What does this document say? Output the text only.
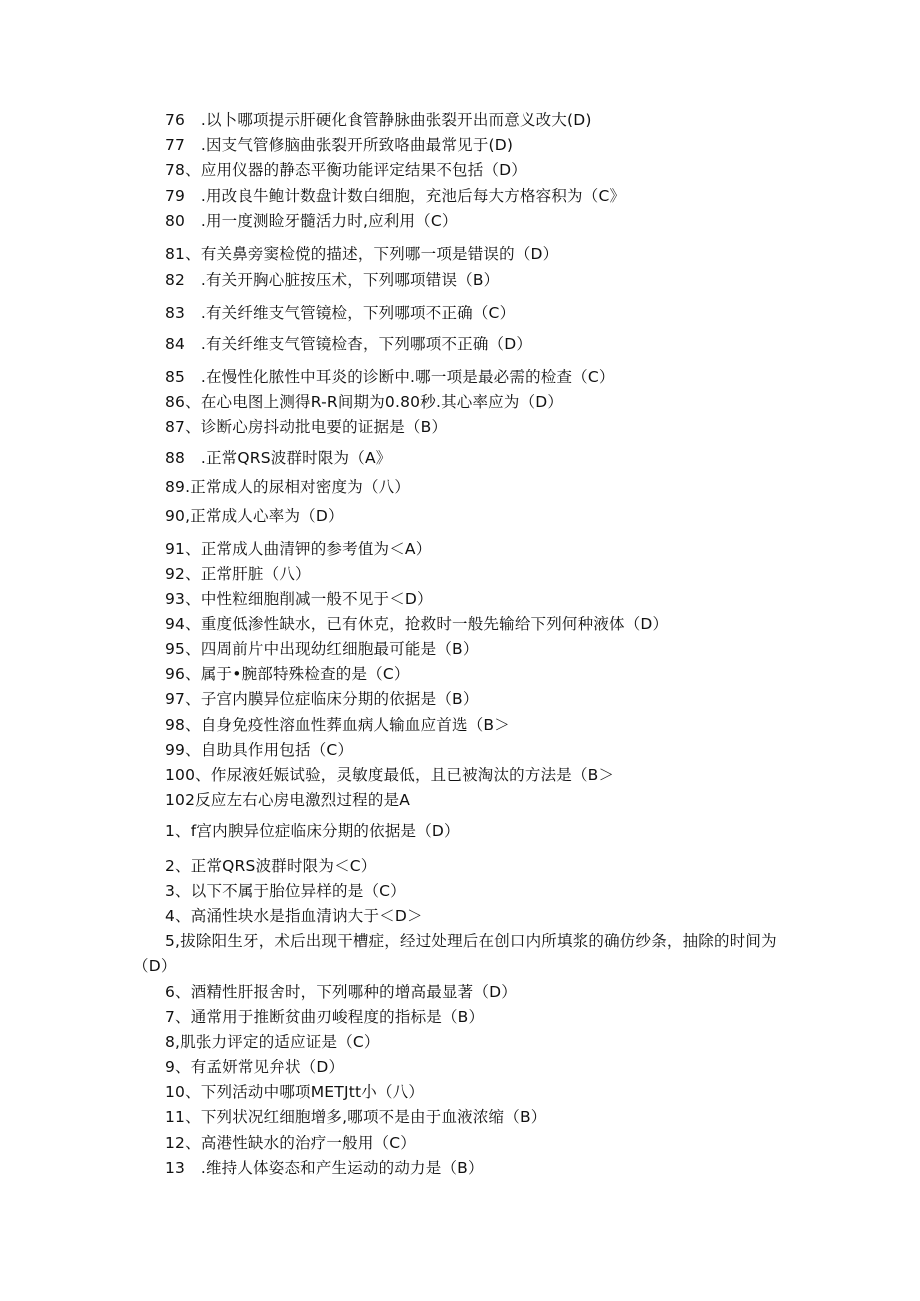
76　.以卜哪项提示肝硬化食管静脉曲张裂开出而意义改大(D)
77　.因支气管修脑曲张裂开所致咯曲最常见于(D)
78、应用仪器的静态平衡功能评定结果不包括（D）
79　.用改良牛鲍计数盘计数白细胞，充池后每大方格容积为（C》
80　.用一度测睑牙髓活力时,应利用（C）
81、有关鼻旁窦检傥的描述，下列哪一项是错误的（D）
82　.有关开胸心脏按压术，下列哪项错误（B）
83　.有关纤维支气管镜检，下列哪项不正确（C）
84　.有关纤维支气管镜检杳，下列哪项不正确（D）
85　.在慢性化脓性中耳炎的诊断中.哪一项是最必需的检查（C）
86、在心电图上测得R-R间期为0.80秒.其心率应为（D）
87、诊断心房抖动批电要的证据是（B）
88　.正常QRS波群时限为（A》
89.正常成人的尿相对密度为（八）
90,正常成人心率为（D）
91、正常成人曲清钾的参考值为＜A）
92、正常肝脏（八）
93、中性粒细胞削减一般不见于＜D）
94、重度低渗性缺水，已有休克，抢救时一般先输给下列何种液体（D）
95、四周前片中出现幼红细胞最可能是（B）
96、属于•腕部特殊检查的是（C）
97、子宫内膜异位症临床分期的依据是（B）
98、自身免疫性溶血性葬血病人输血应首选（B＞
99、自助具作用包括（C）
100、作尿液妊娠试验，灵敏度最低，且已被淘汰的方法是（B＞
102反应左右心房电激烈过程的是A
1、f宫内腴异位症临床分期的依据是（D）
2、正常QRS波群时限为＜C）
3、以下不属于胎位异样的是（C）
4、高涌性块水是指血清讷大于＜D＞
5,拔除阳生牙，术后出现干槽症，经过处理后在创口内所填浆的确仿纱条，抽除的时间为（D）
6、酒精性肝报舍时，下列哪种的增高最显著（D）
7、通常用于推断贫曲刃峻程度的指标是（B）
8,肌张力评定的适应证是（C）
9、有孟妍常见弁状（D）
10、下列活动中哪项METJtt小（八）
11、下列状况红细胞增多,哪项不是由于血液浓缩（B）
12、高港性缺水的治疗一般用（C）
13　.维持人体姿态和产生运动的动力是（B）
